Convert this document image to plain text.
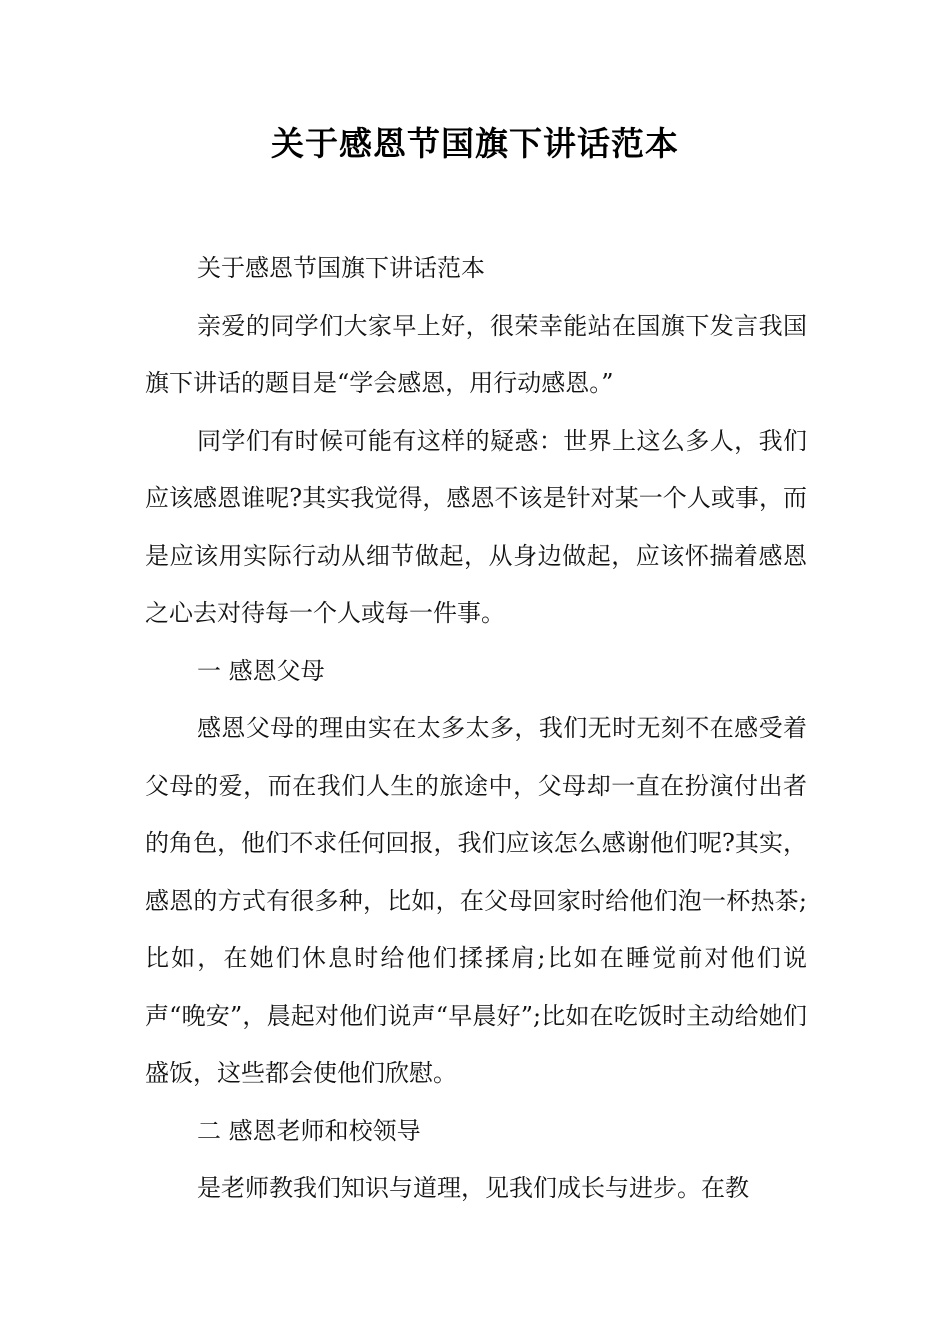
关于感恩节国旗下讲话范本

关于感恩节国旗下讲话范本

亲爱的同学们大家早上好，很荣幸能站在国旗下发言我国旗下讲话的题目是“学会感恩，用行动感恩。”

同学们有时候可能有这样的疑惑：世界上这么多人，我们应该感恩谁呢?其实我觉得，感恩不该是针对某一个人或事，而是应该用实际行动从细节做起，从身边做起，应该怀揣着感恩之心去对待每一个人或每一件事。

一 感恩父母

感恩父母的理由实在太多太多，我们无时无刻不在感受着父母的爱，而在我们人生的旅途中，父母却一直在扮演付出者的角色，他们不求任何回报，我们应该怎么感谢他们呢?其实，感恩的方式有很多种，比如，在父母回家时给他们泡一杯热茶;比如，在她们休息时给他们揉揉肩;比如在睡觉前对他们说声“晚安”，晨起对他们说声“早晨好”;比如在吃饭时主动给她们盛饭，这些都会使他们欣慰。

二 感恩老师和校领导

是老师教我们知识与道理，见我们成长与进步。在教
